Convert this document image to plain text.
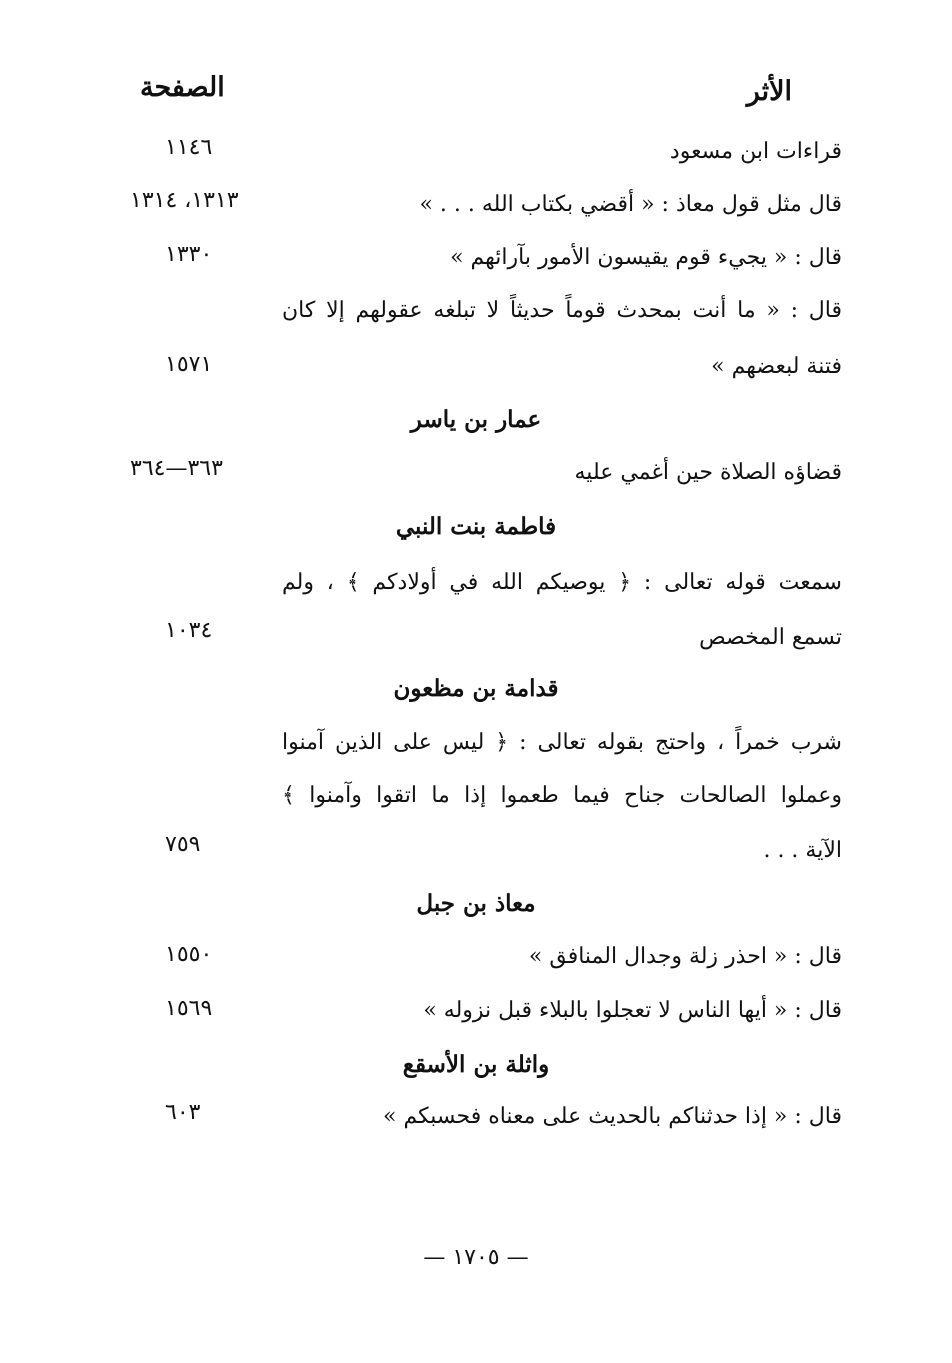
الأثر
الصفحة
قراءات ابن مسعود
١١٤٦
قال مثل قول معاذ : « أقضي بكتاب الله . . . »
١٣١٣، ١٣١٤
قال : « يجيء قوم يقيسون الأمور بآرائهم »
١٣٣٠
قال : « ما أنت بمحدث قوماً حديثاً لا تبلغه عقولهم إلا كان
فتنة لبعضهم »
١٥٧١
عمار بن ياسر
قضاؤه الصلاة حين أغمي عليه
٣٦٣—٣٦٤
فاطمة بنت النبي
سمعت قوله تعالى : ﴿ يوصيكم الله في أولادكم ﴾ ، ولم
تسمع المخصص
١٠٣٤
قدامة بن مظعون
شرب خمراً ، واحتج بقوله تعالى : ﴿ ليس على الذين آمنوا
وعملوا الصالحات جناح فيما طعموا إذا ما اتقوا وآمنوا ﴾
الآية . . .
٧٥٩
معاذ بن جبل
قال : « احذر زلة وجدال المنافق »
١٥٥٠
قال : « أيها الناس لا تعجلوا بالبلاء قبل نزوله »
١٥٦٩
واثلة بن الأسقع
قال : « إذا حدثناكم بالحديث على معناه فحسبكم »
٦٠٣
— ١٧٠٥ —
